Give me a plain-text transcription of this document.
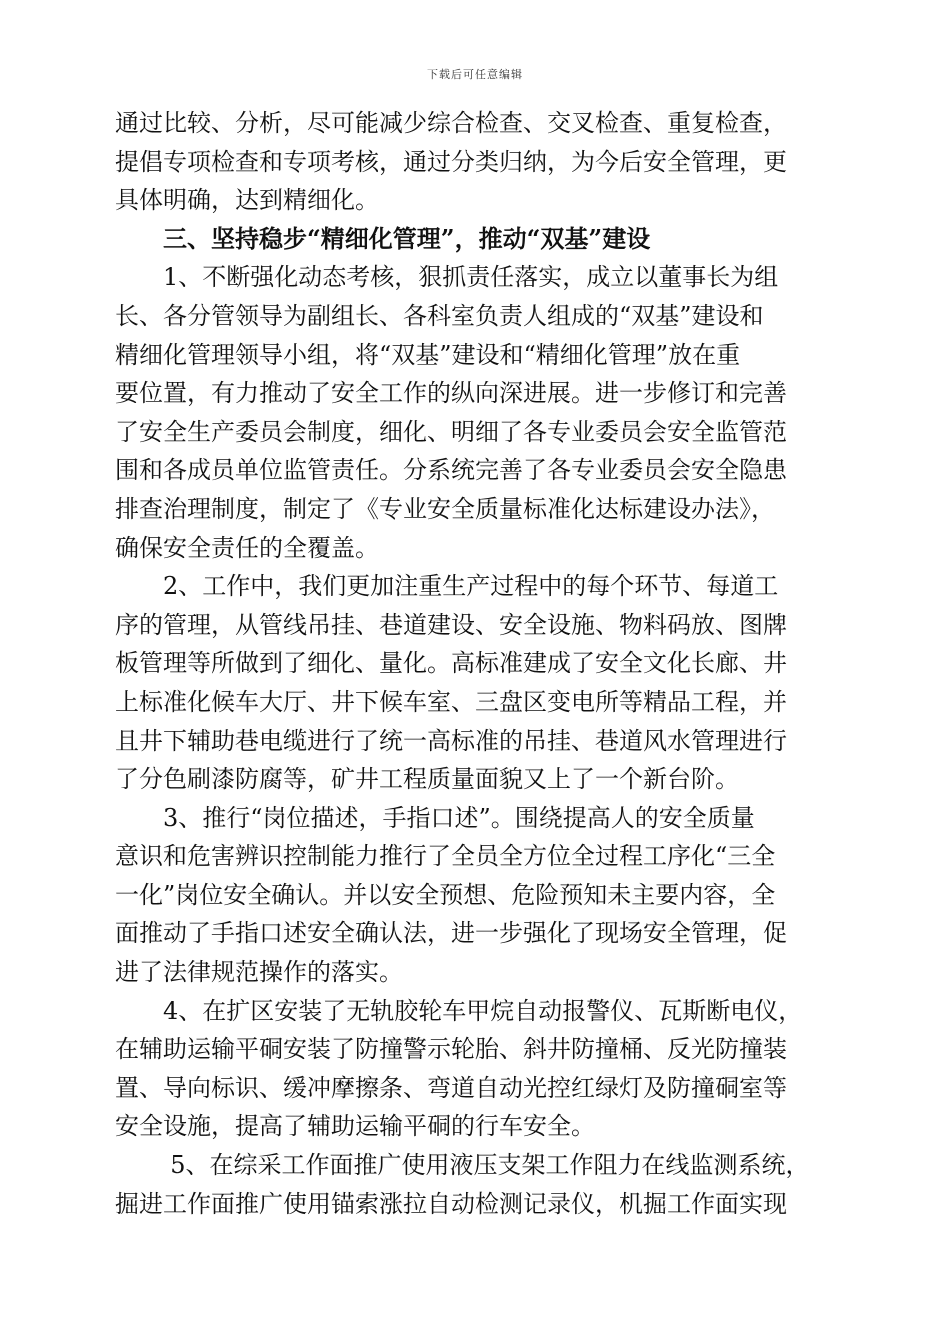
下载后可任意编辑
通过比较、分析，尽可能减少综合检查、交叉检查、重复检查，
提倡专项检查和专项考核，通过分类归纳，为今后安全管理，更
具体明确，达到精细化。
三、坚持稳步“精细化管理”，推动“双基”建设
1、不断强化动态考核，狠抓责任落实，成立以董事长为组
长、各分管领导为副组长、各科室负责人组成的“双基”建设和
精细化管理领导小组，将“双基”建设和“精细化管理”放在重
要位置，有力推动了安全工作的纵向深进展。进一步修订和完善
了安全生产委员会制度，细化、明细了各专业委员会安全监管范
围和各成员单位监管责任。分系统完善了各专业委员会安全隐患
排查治理制度，制定了《专业安全质量标准化达标建设办法》，
确保安全责任的全覆盖。
2、工作中，我们更加注重生产过程中的每个环节、每道工
序的管理，从管线吊挂、巷道建设、安全设施、物料码放、图牌
板管理等所做到了细化、量化。高标准建成了安全文化长廊、井
上标准化候车大厅、井下候车室、三盘区变电所等精品工程，并
且井下辅助巷电缆进行了统一高标准的吊挂、巷道风水管理进行
了分色刷漆防腐等，矿井工程质量面貌又上了一个新台阶。
3、推行“岗位描述，手指口述”。围绕提高人的安全质量
意识和危害辨识控制能力推行了全员全方位全过程工序化“三全
一化”岗位安全确认。并以安全预想、危险预知未主要内容，全
面推动了手指口述安全确认法，进一步强化了现场安全管理，促
进了法律规范操作的落实。
4、在扩区安装了无轨胶轮车甲烷自动报警仪、瓦斯断电仪，
在辅助运输平硐安装了防撞警示轮胎、斜井防撞桶、反光防撞装
置、导向标识、缓冲摩擦条、弯道自动光控红绿灯及防撞硐室等
安全设施，提高了辅助运输平硐的行车安全。
5、在综采工作面推广使用液压支架工作阻力在线监测系统，
掘进工作面推广使用锚索涨拉自动检测记录仪，机掘工作面实现
